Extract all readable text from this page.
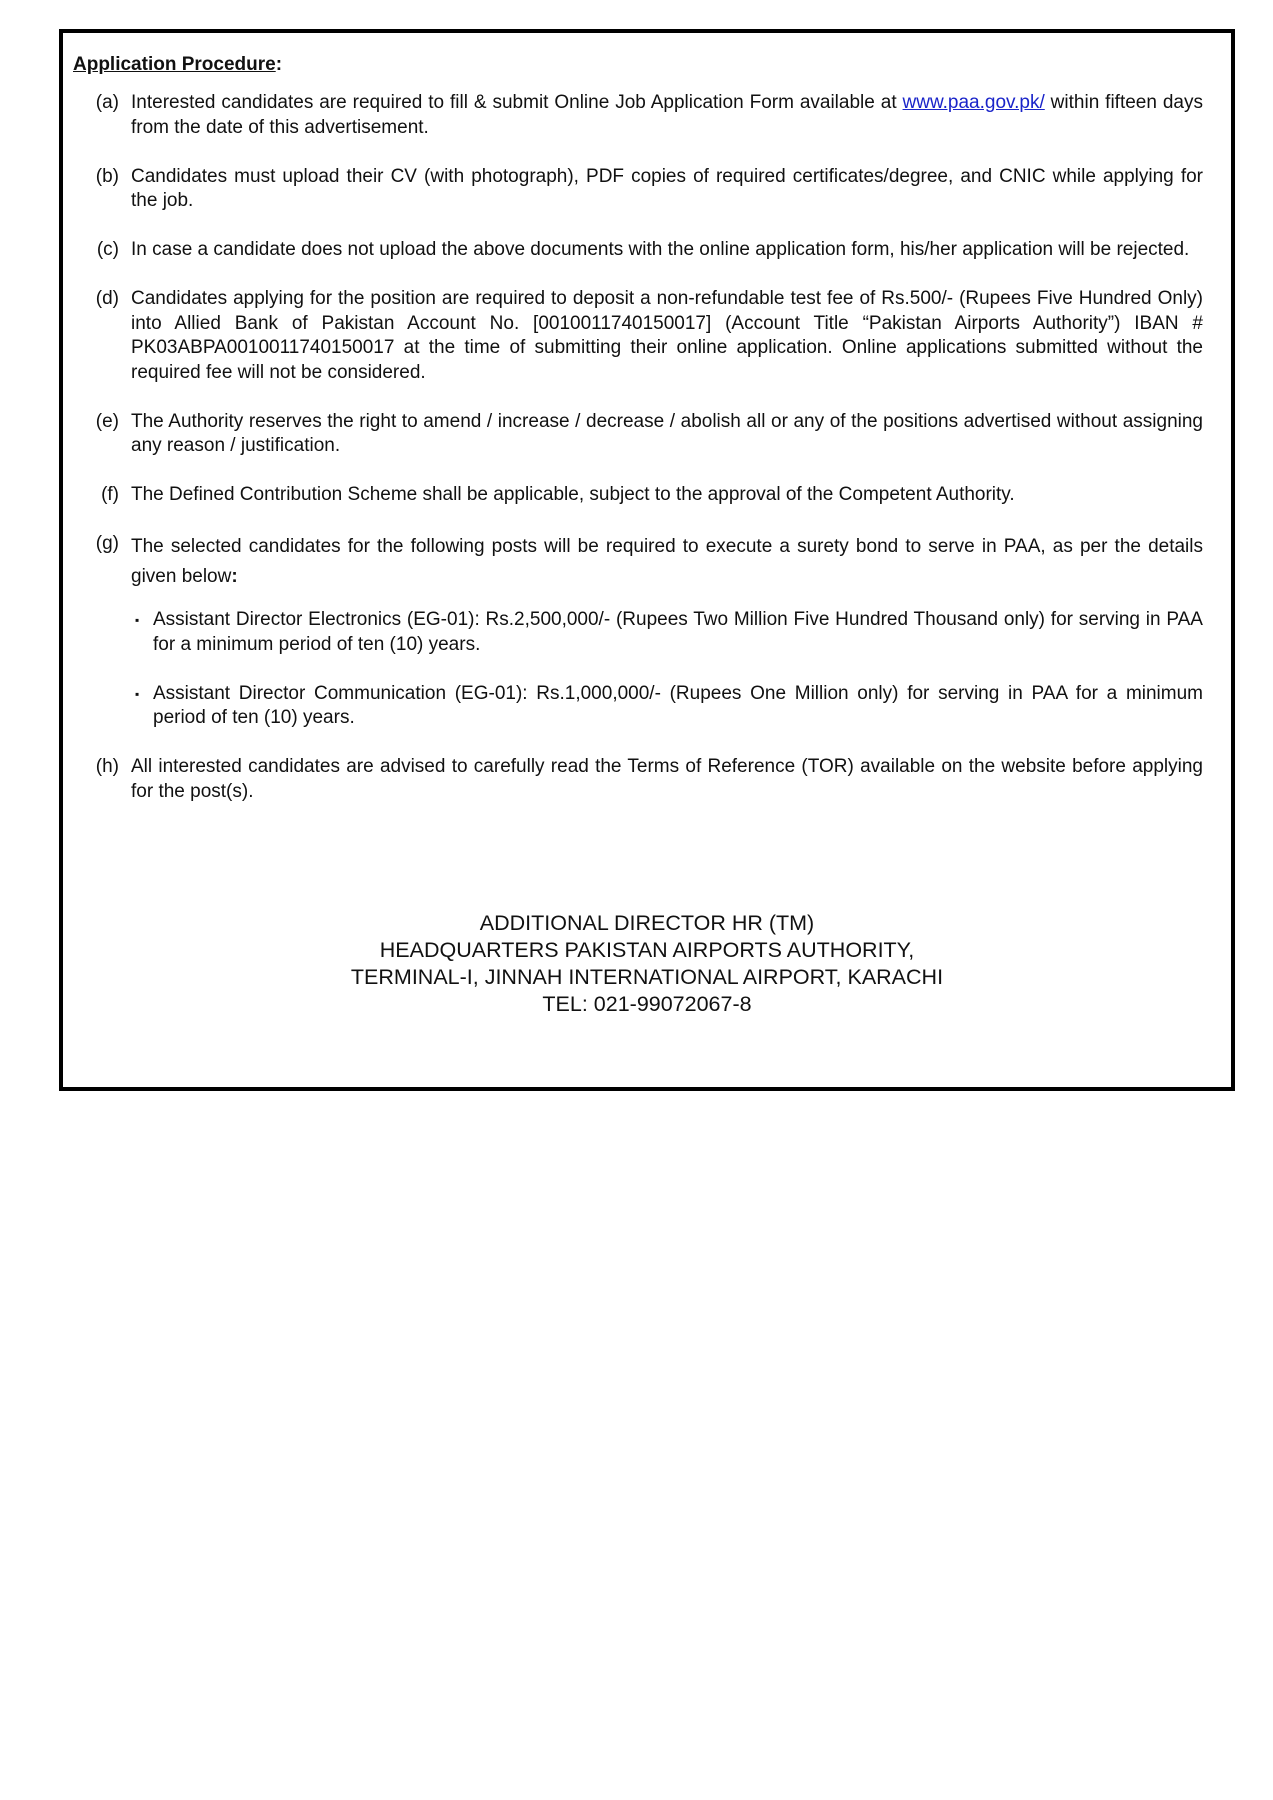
Application Procedure:
(a) Interested candidates are required to fill & submit Online Job Application Form available at www.paa.gov.pk/ within fifteen days from the date of this advertisement.
(b) Candidates must upload their CV (with photograph), PDF copies of required certificates/degree, and CNIC while applying for the job.
(c) In case a candidate does not upload the above documents with the online application form, his/her application will be rejected.
(d) Candidates applying for the position are required to deposit a non-refundable test fee of Rs.500/- (Rupees Five Hundred Only) into Allied Bank of Pakistan Account No. [0010011740150017] (Account Title “Pakistan Airports Authority”) IBAN # PK03ABPA0010011740150017 at the time of submitting their online application. Online applications submitted without the required fee will not be considered.
(e) The Authority reserves the right to amend / increase / decrease / abolish all or any of the positions advertised without assigning any reason / justification.
(f) The Defined Contribution Scheme shall be applicable, subject to the approval of the Competent Authority.
(g) The selected candidates for the following posts will be required to execute a surety bond to serve in PAA, as per the details given below:
▪ Assistant Director Electronics (EG-01): Rs.2,500,000/- (Rupees Two Million Five Hundred Thousand only) for serving in PAA for a minimum period of ten (10) years.
▪ Assistant Director Communication (EG-01): Rs.1,000,000/- (Rupees One Million only) for serving in PAA for a minimum period of ten (10) years.
(h) All interested candidates are advised to carefully read the Terms of Reference (TOR) available on the website before applying for the post(s).
ADDITIONAL DIRECTOR HR (TM)
HEADQUARTERS PAKISTAN AIRPORTS AUTHORITY,
TERMINAL-I, JINNAH INTERNATIONAL AIRPORT, KARACHI
TEL: 021-99072067-8
